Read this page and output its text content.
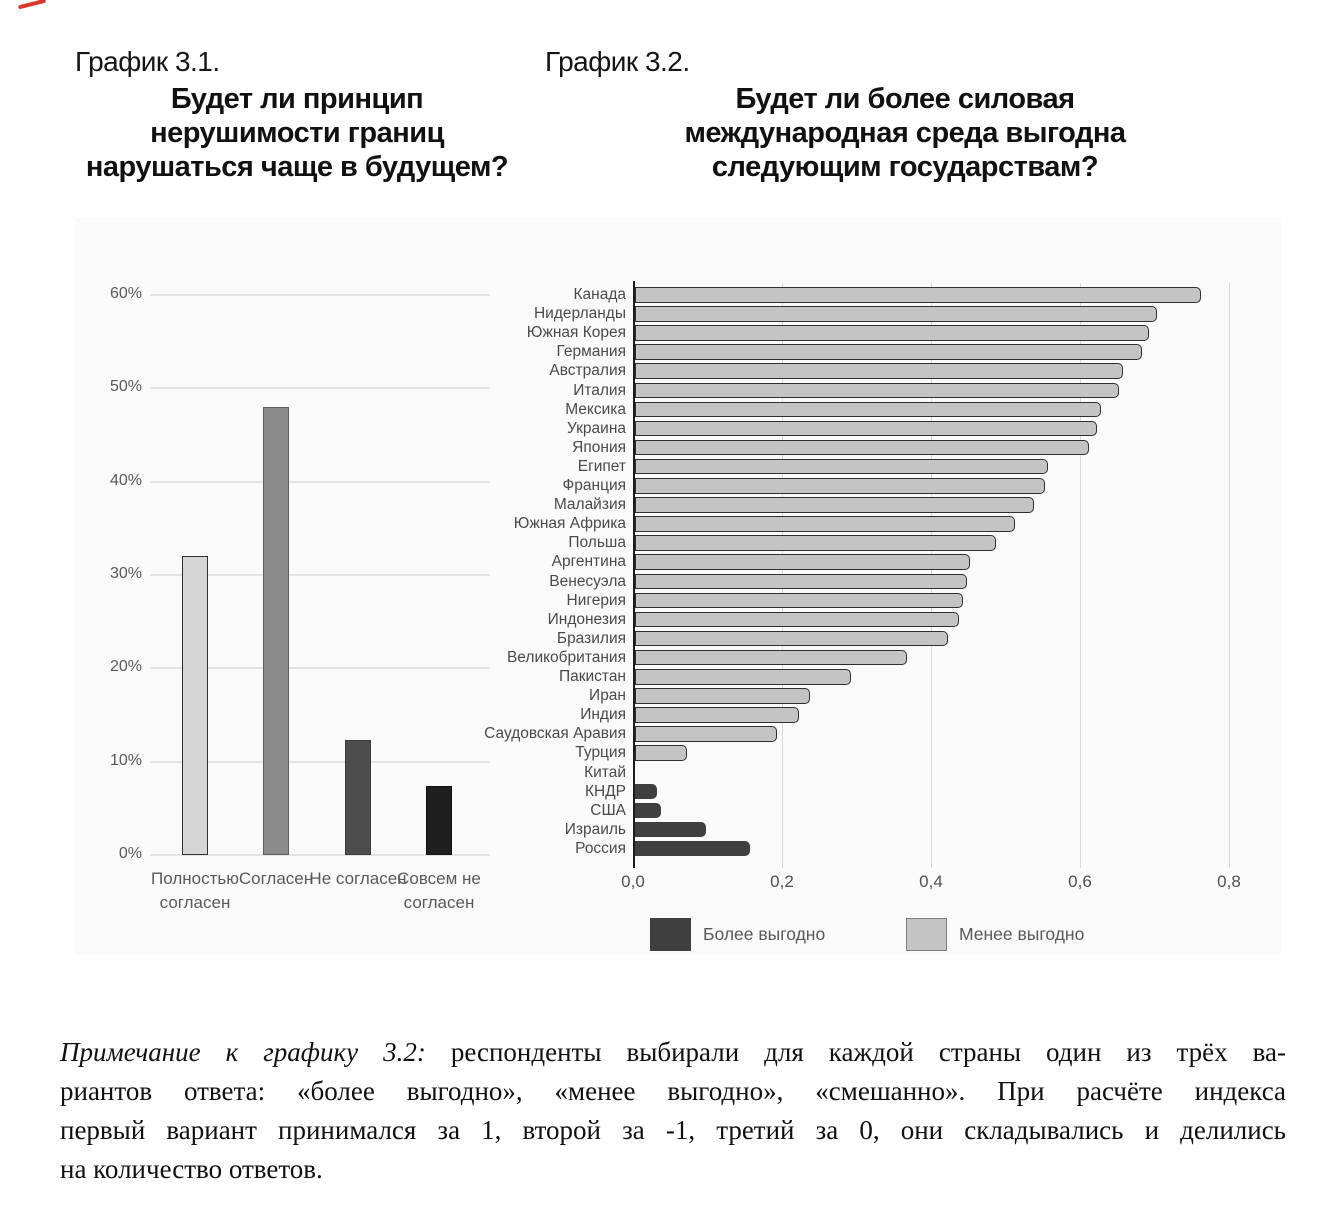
График 3.1.	График 3.2.
Будет ли принцип
нерушимости границ
нарушаться чаще в будущем?
Будет ли более силовая
международная среда выгодна
следующим государствам?
0%
10%
20%
30%
40%
50%
60%
Полностью согласен
Согласен
Не согласен
Совсем не согласен
0,0	0,2	0,4	0,6	0,8
Канада
Нидерланды
Южная Корея
Германия
Австралия
Италия
Мексика
Украина
Япония
Египет
Франция
Малайзия
Южная Африка
Польша
Аргентина
Венесуэла
Нигерия
Индонезия
Бразилия
Великобритания
Пакистан
Иран
Индия
Саудовская Аравия
Турция
Китай
КНДР
США
Израиль
Россия
Более выгодно	Менее выгодно
Примечание к графику 3.2: респонденты выбирали для каждой страны один из трёх ва-
риантов ответа: «более выгодно», «менее выгодно», «смешанно». При расчёте индекса
первый вариант принимался за 1, второй за -1, третий за 0, они складывались и делились
на количество ответов.
